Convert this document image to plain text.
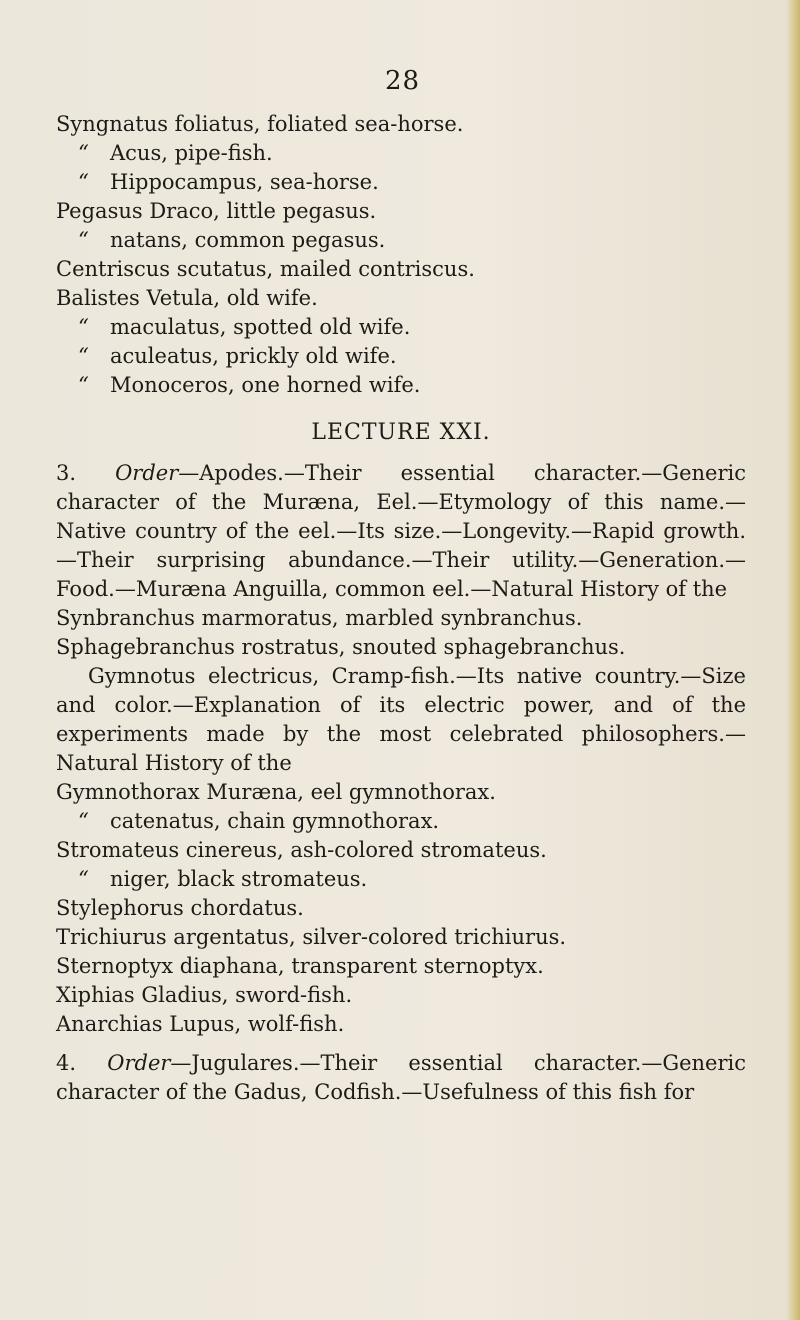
28
Syngnatus foliatus, foliated sea-horse.
“ Acus, pipe-fish.
“ Hippocampus, sea-horse.
Pegasus Draco, little pegasus.
“ natans, common pegasus.
Centriscus scutatus, mailed contriscus.
Balistes Vetula, old wife.
“ maculatus, spotted old wife.
“ aculeatus, prickly old wife.
“ Monoceros, one horned wife.
LECTURE XXI.

3. Order—Apodes.—Their essential character.—Generic character of the Muræna, Eel.—Etymology of this name.—Native country of the eel.—Its size.—Longevity.—Rapid growth.—Their surprising abundance.—Their utility.—Generation.—Food.—Muræna Anguilla, common eel.—Natural History of the

Synbranchus marmoratus, marbled synbranchus.
Sphagebranchus rostratus, snouted sphagebranchus.

Gymnotus electricus, Cramp-fish.—Its native country.—Size and color.—Explanation of its electric power, and of the experiments made by the most celebrated philosophers.—Natural History of the

Gymnothorax Muræna, eel gymnothorax.
“ catenatus, chain gymnothorax.
Stromateus cinereus, ash-colored stromateus.
“ niger, black stromateus.
Stylephorus chordatus.
Trichiurus argentatus, silver-colored trichiurus.
Sternoptyx diaphana, transparent sternoptyx.
Xiphias Gladius, sword-fish.
Anarchias Lupus, wolf-fish.

4. Order—Jugulares.—Their essential character.—Generic character of the Gadus, Codfish.—Usefulness of this fish for
